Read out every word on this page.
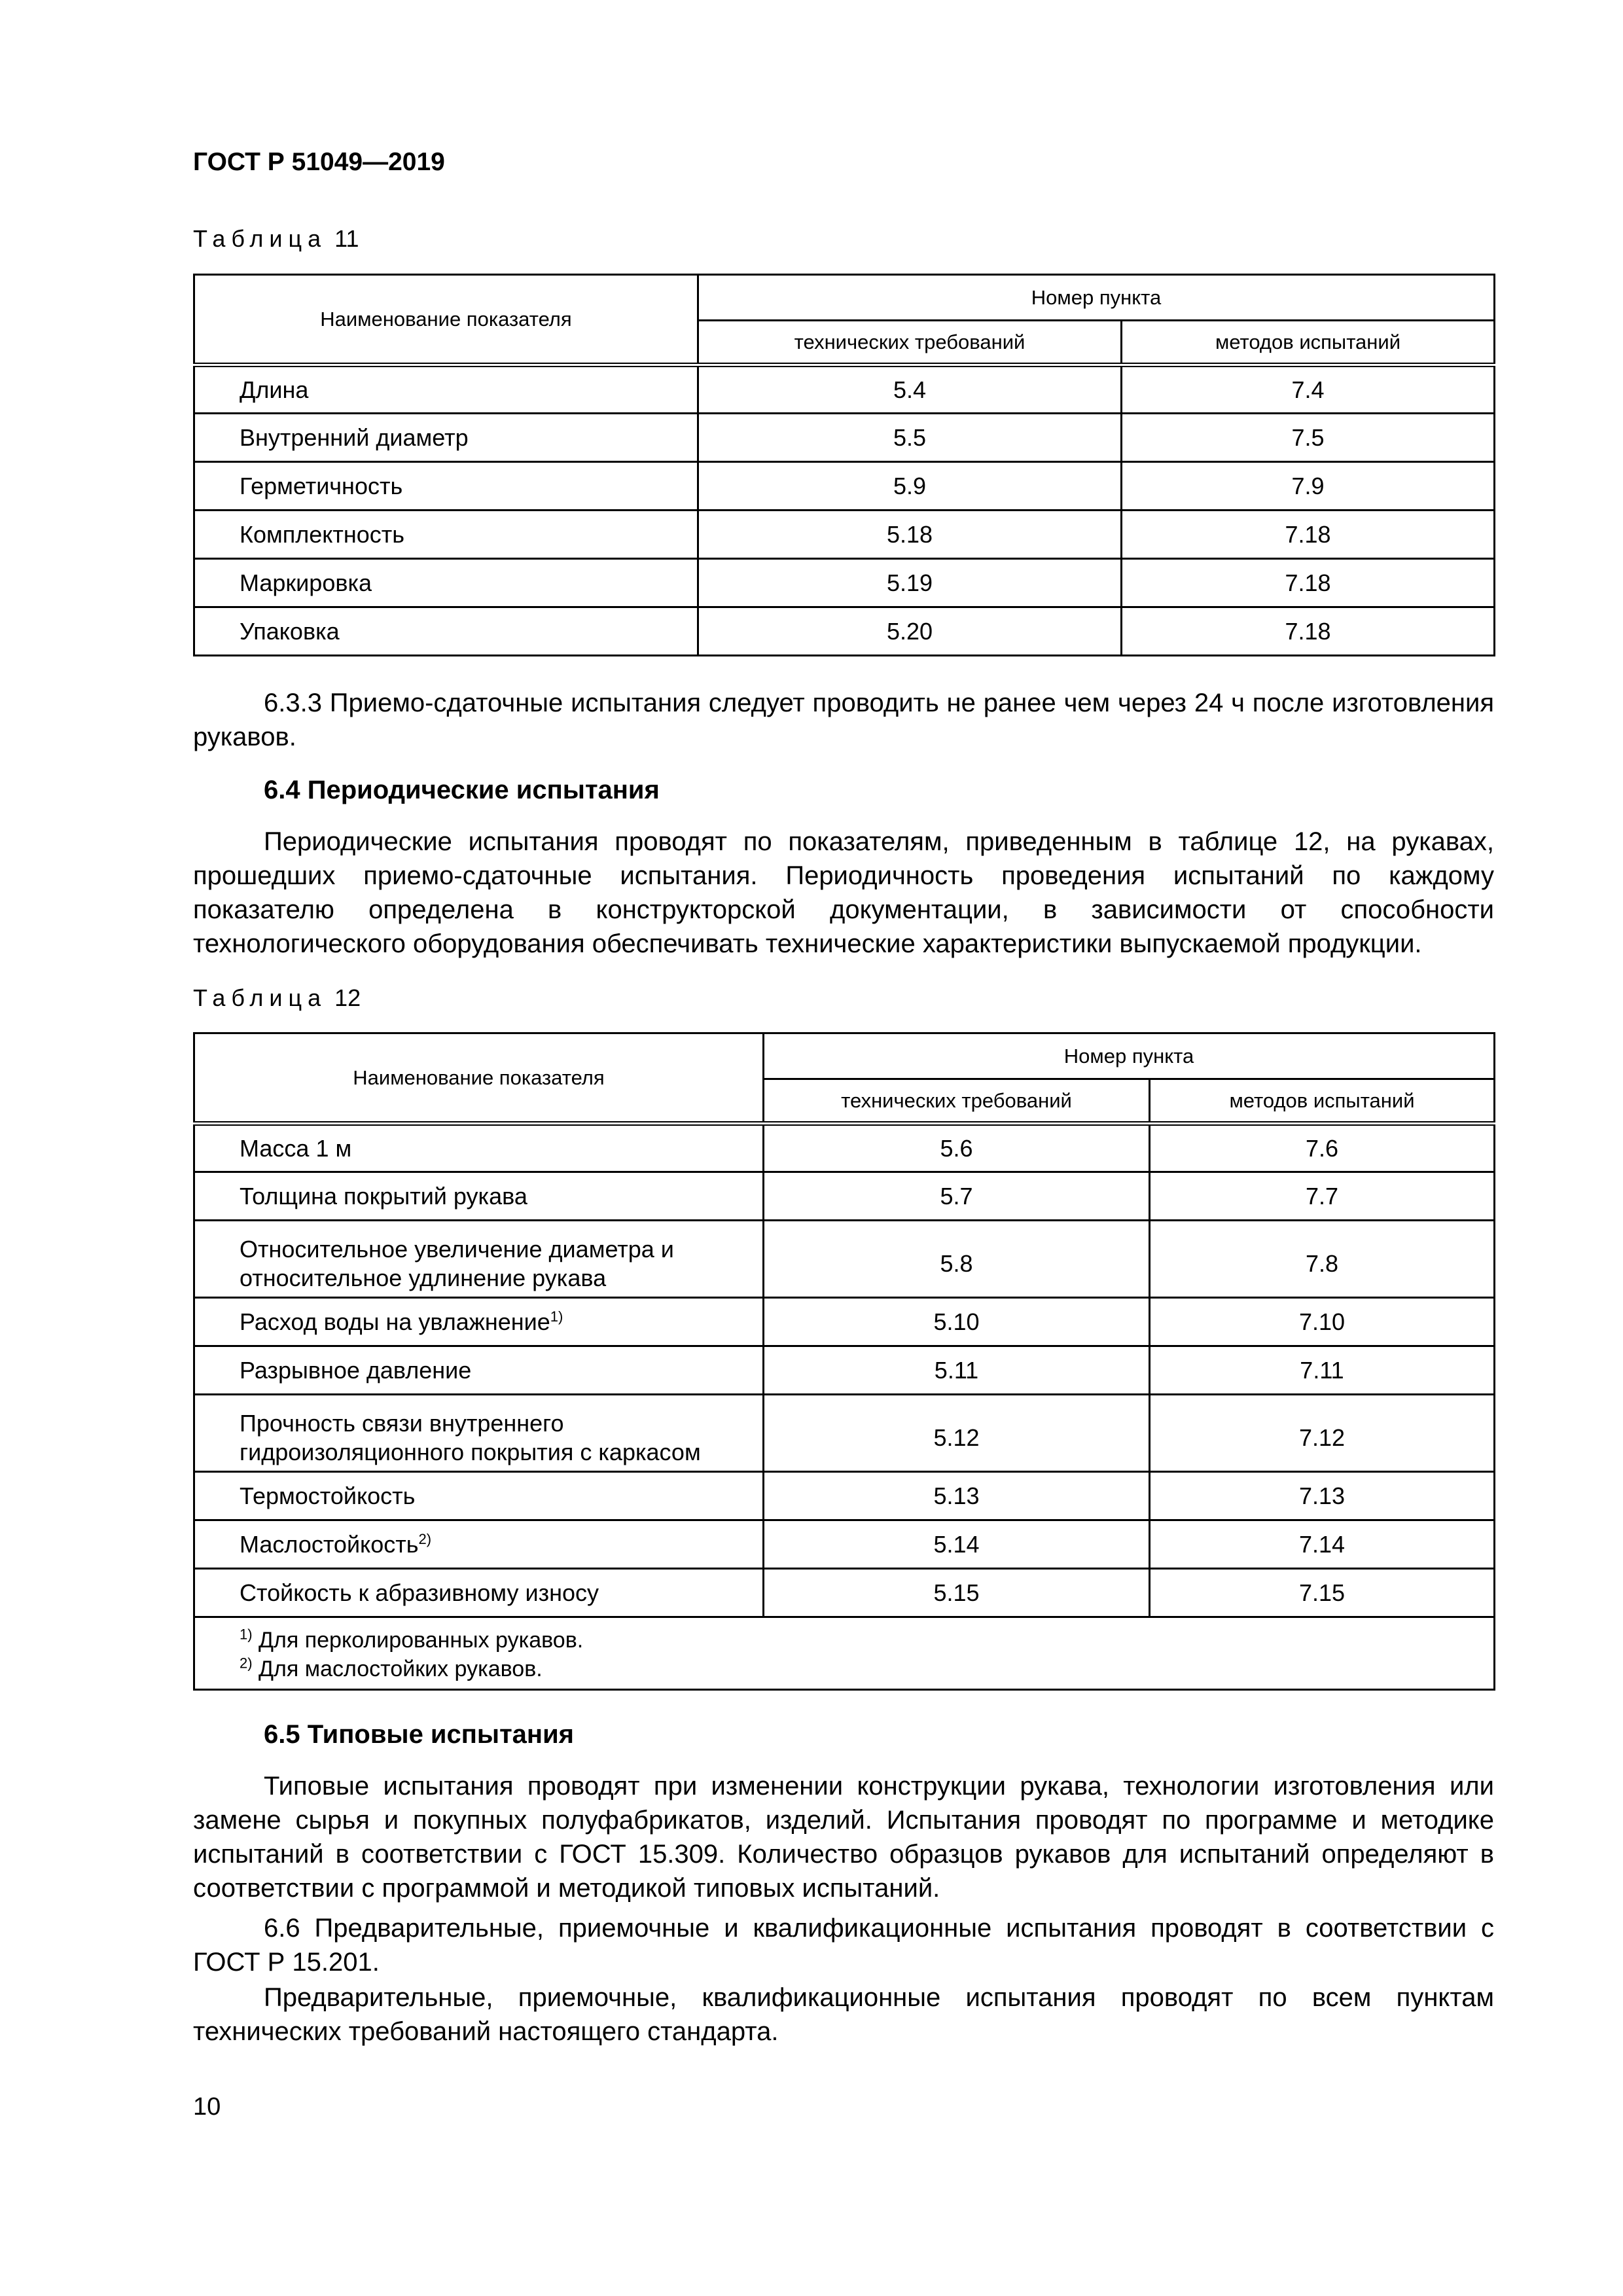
ГОСТ Р 51049—2019
Таблица 11
Наименование показателя	Номер пункта	
	технических требований	методов испытаний
Длина	5.4	7.4
Внутренний диаметр	5.5	7.5
Герметичность	5.9	7.9
Комплектность	5.18	7.18
Маркировка	5.19	7.18
Упаковка	5.20	7.18
6.3.3 Приемо-сдаточные испытания следует проводить не ранее чем через 24 ч после изготовления рукавов.
6.4 Периодические испытания
Периодические испытания проводят по показателям, приведенным в таблице 12, на рукавах, прошедших приемо-сдаточные испытания. Периодичность проведения испытаний по каждому показателю определена в конструкторской документации, в зависимости от способности технологического оборудования обеспечивать технические характеристики выпускаемой продукции.
Таблица 12
Наименование показателя	Номер пункта	
	технических требований	методов испытаний
Масса 1 м	5.6	7.6
Толщина покрытий рукава	5.7	7.7
Относительное увеличение диаметра и относительное удлинение рукава	5.8	7.8
Расход воды на увлажнение$^{1)}$	5.10	7.10
Разрывное давление	5.11	7.11
Прочность связи внутреннего гидроизоляционного покрытия с каркасом	5.12	7.12
Термостойкость	5.13	7.13
Маслостойкость$^{2)}$	5.14	7.14
Стойкость к абразивному износу	5.15	7.15

$^{1)}$ Для перколированных рукавов.
$^{2)}$ Для маслостойких рукавов.		
6.5 Типовые испытания
Типовые испытания проводят при изменении конструкции рукава, технологии изготовления или замене сырья и покупных полуфабрикатов, изделий. Испытания проводят по программе и методике испытаний в соответствии с ГОСТ 15.309. Количество образцов рукавов для испытаний определяют в соответствии с программой и методикой типовых испытаний.
6.6 Предварительные, приемочные и квалификационные испытания проводят в соответствии с ГОСТ Р 15.201.
Предварительные, приемочные, квалификационные испытания проводят по всем пунктам технических требований настоящего стандарта.
10
